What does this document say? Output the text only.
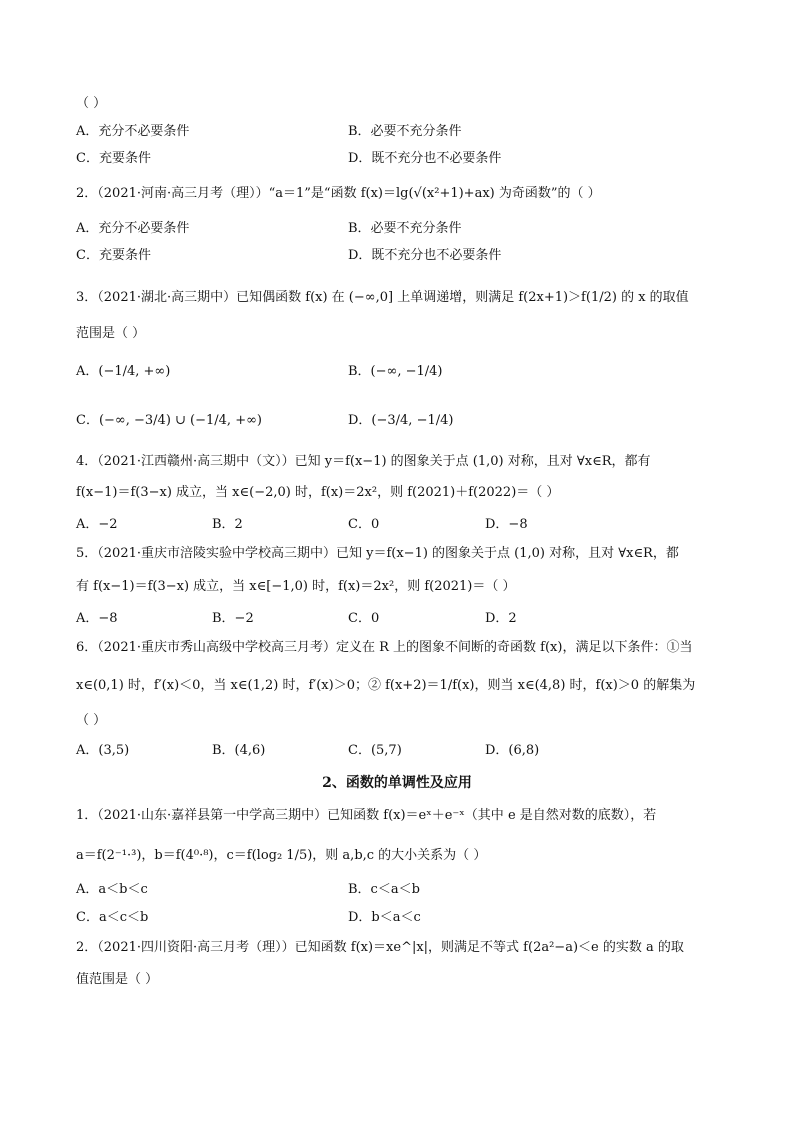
（ ）
A．充分不必要条件	B．必要不充分条件
C．充要条件	D．既不充分也不必要条件
2．（2021·河南·高三月考（理））“a＝1”是“函数 f(x)＝lg(√(x²+1)+ax) 为奇函数”的（ ）
A．充分不必要条件	B．必要不充分条件
C．充要条件	D．既不充分也不必要条件
3．（2021·湖北·高三期中）已知偶函数 f(x) 在 (−∞,0] 上单调递增，则满足 f(2x+1)＞f(1/2) 的 x 的取值
范围是（ ）
A．(−1/4, +∞)	B．(−∞, −1/4)
C．(−∞, −3/4) ∪ (−1/4, +∞)	D．(−3/4, −1/4)
4．（2021·江西赣州·高三期中（文））已知 y＝f(x−1) 的图象关于点 (1,0) 对称，且对 ∀x∈R，都有
f(x−1)＝f(3−x) 成立，当 x∈(−2,0) 时，f(x)＝2x²，则 f(2021)＋f(2022)＝（ ）
A．−2	B．2	C．0	D．−8
5．（2021·重庆市涪陵实验中学校高三期中）已知 y＝f(x−1) 的图象关于点 (1,0) 对称，且对 ∀x∈R，都
有 f(x−1)＝f(3−x) 成立，当 x∈[−1,0) 时，f(x)＝2x²，则 f(2021)＝（ ）
A．−8	B．−2	C．0	D．2
6．（2021·重庆市秀山高级中学校高三月考）定义在 R 上的图象不间断的奇函数 f(x)，满足以下条件：①当
x∈(0,1) 时，f′(x)＜0，当 x∈(1,2) 时，f′(x)＞0；② f(x+2)＝1/f(x)，则当 x∈(4,8) 时，f(x)＞0 的解集为
（ ）
A．(3,5)	B．(4,6)	C．(5,7)	D．(6,8)
2、函数的单调性及应用
1．（2021·山东·嘉祥县第一中学高三期中）已知函数 f(x)＝eˣ＋e⁻ˣ（其中 e 是自然对数的底数），若
a＝f(2⁻¹·³)，b＝f(4⁰·⁸)，c＝f(log₂ 1/5)，则 a,b,c 的大小关系为（ ）
A．a＜b＜c	B．c＜a＜b
C．a＜c＜b	D．b＜a＜c
2．（2021·四川资阳·高三月考（理））已知函数 f(x)＝xe^|x|，则满足不等式 f(2a²−a)＜e 的实数 a 的取
值范围是（ ）
